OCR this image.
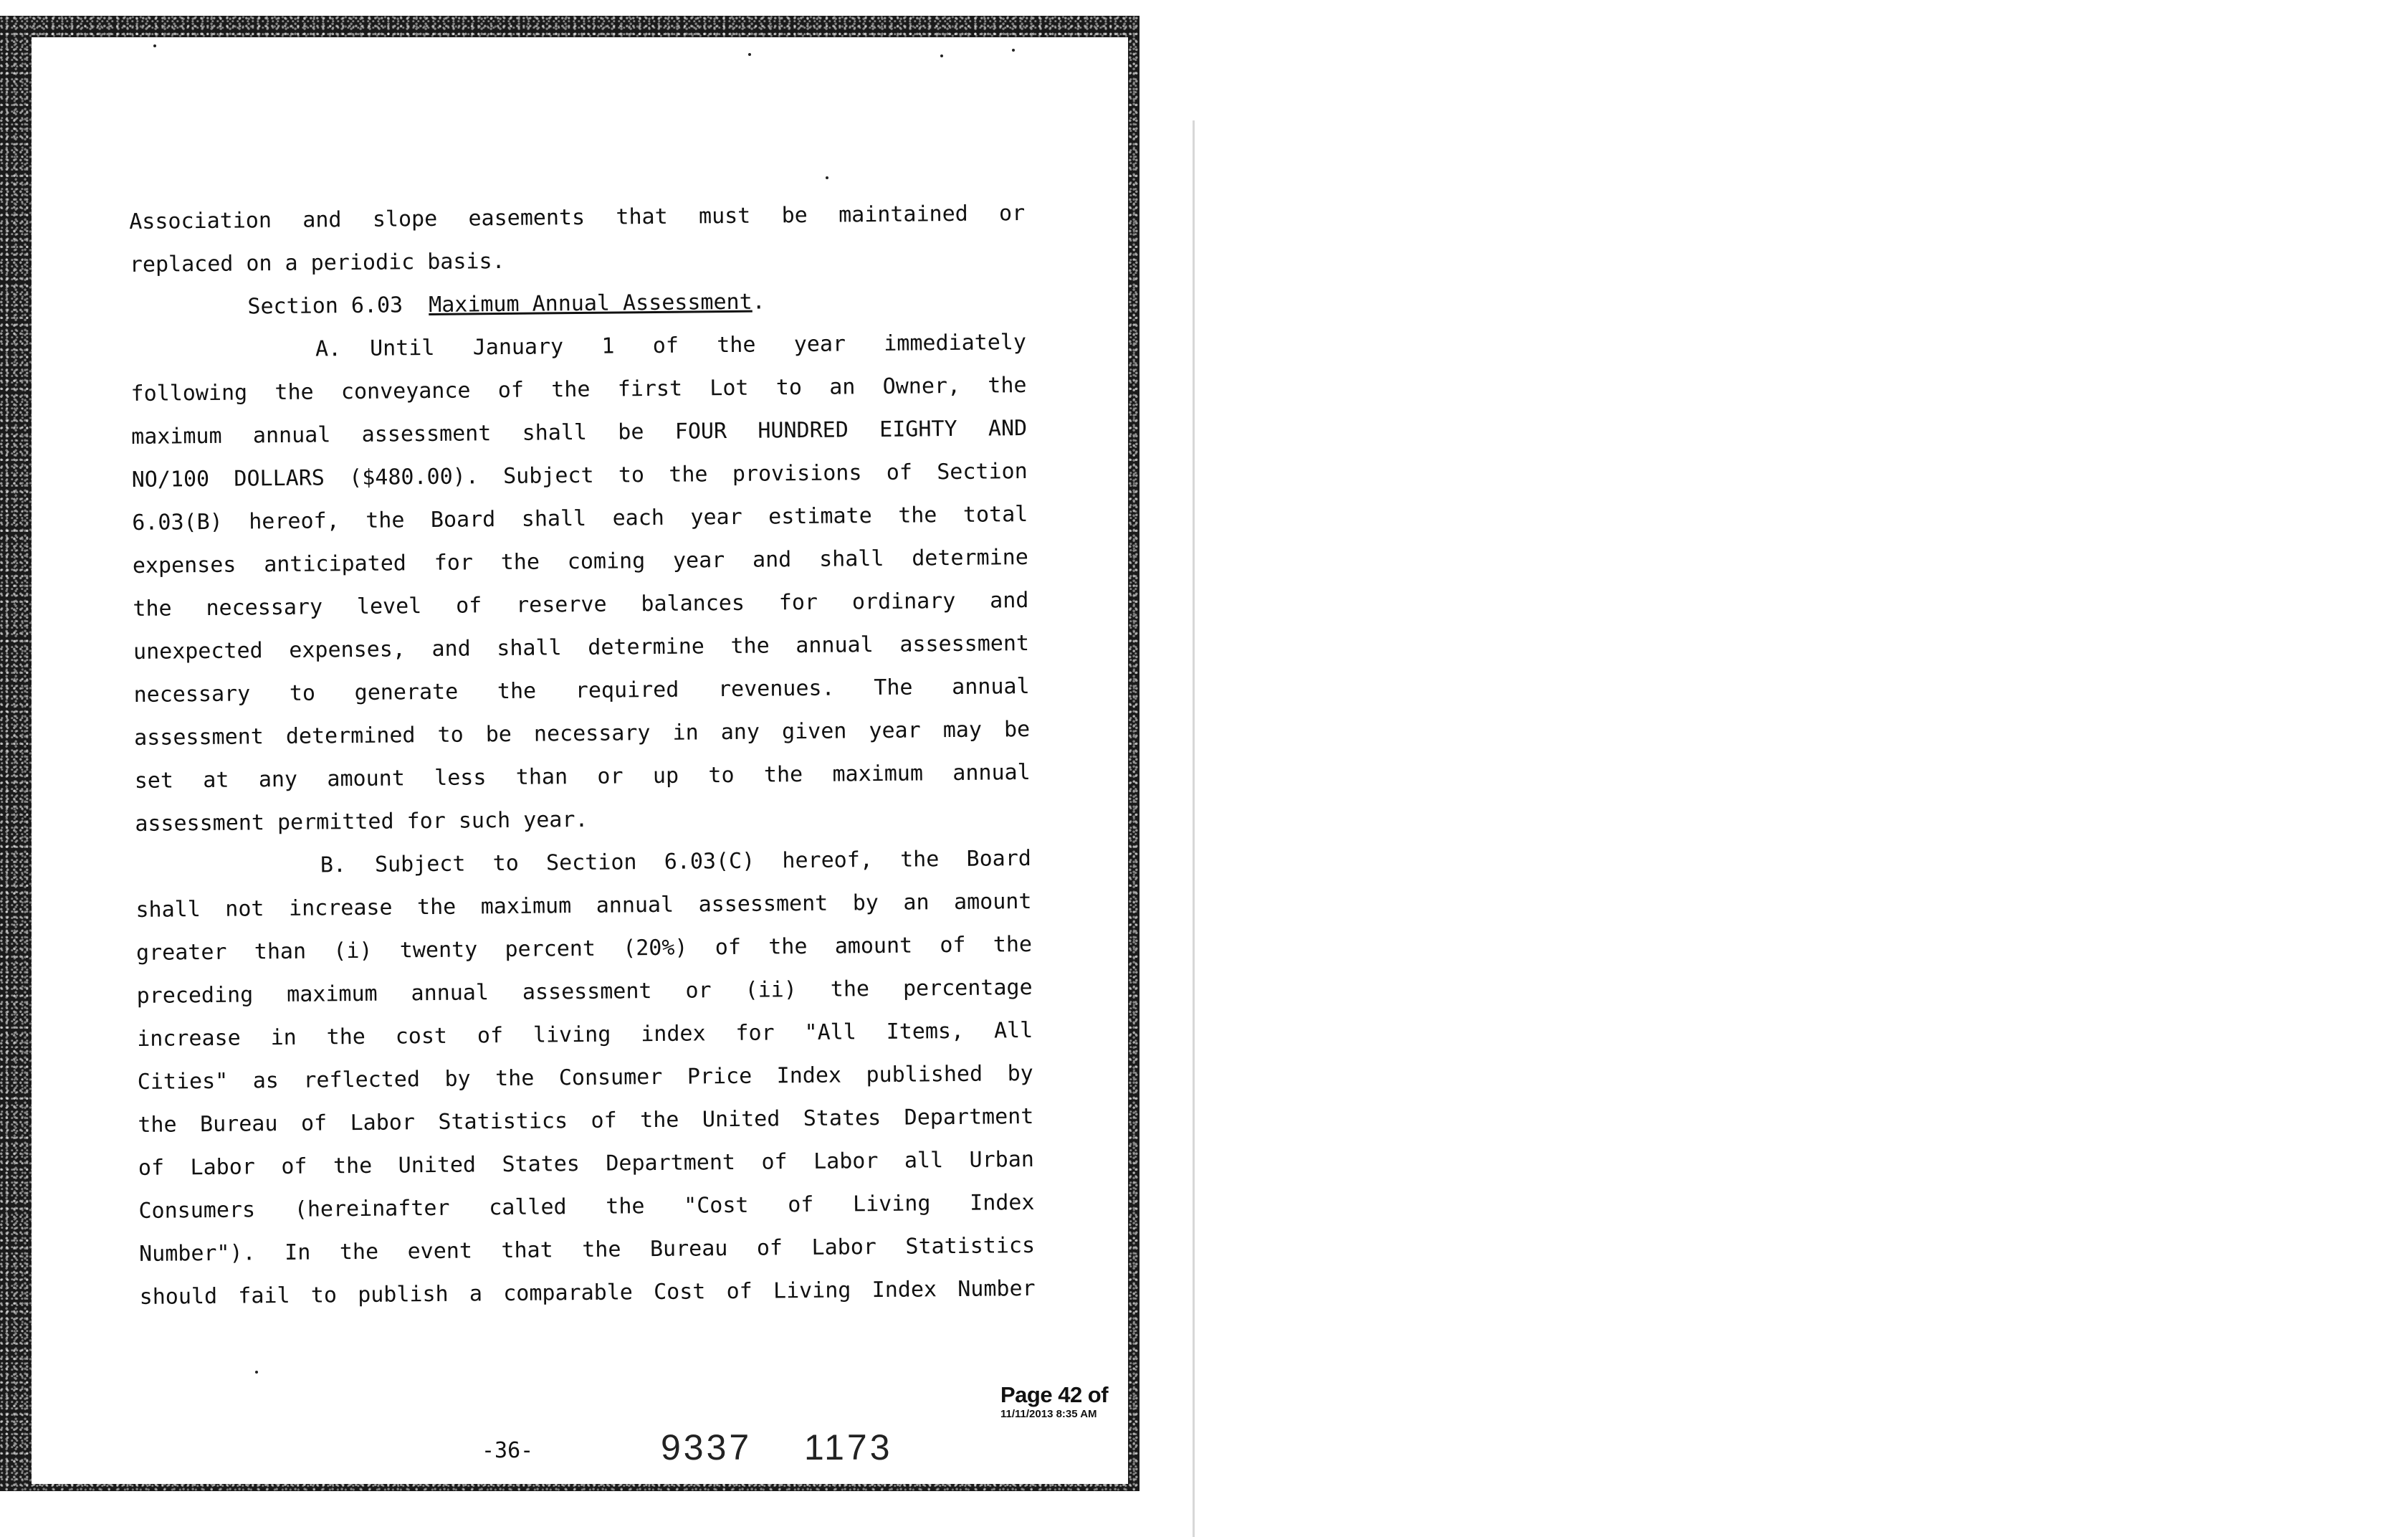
Association and slope easements that must be maintained or
replaced on a periodic basis.
Section 6.03 Maximum Annual Assessment.
A. Until January 1 of the year immediately
following the conveyance of the first Lot to an Owner, the
maximum annual assessment shall be FOUR HUNDRED EIGHTY AND
NO/100 DOLLARS ($480.00). Subject to the provisions of Section
6.03(B) hereof, the Board shall each year estimate the total
expenses anticipated for the coming year and shall determine
the necessary level of reserve balances for ordinary and
unexpected expenses, and shall determine the annual assessment
necessary to generate the required revenues. The annual
assessment determined to be necessary in any given year may be
set at any amount less than or up to the maximum annual
assessment permitted for such year.
B. Subject to Section 6.03(C) hereof, the Board
shall not increase the maximum annual assessment by an amount
greater than (i) twenty percent (20%) of the amount of the
preceding maximum annual assessment or (ii) the percentage
increase in the cost of living index for "All Items, All
Cities" as reflected by the Consumer Price Index published by
the Bureau of Labor Statistics of the United States Department
of Labor of the United States Department of Labor all Urban
Consumers (hereinafter called the "Cost of Living Index
Number"). In the event that the Bureau of Labor Statistics
should fail to publish a comparable Cost of Living Index Number
Page 42 of
11/11/2013 8:35 AM
-36-	9337 1173
